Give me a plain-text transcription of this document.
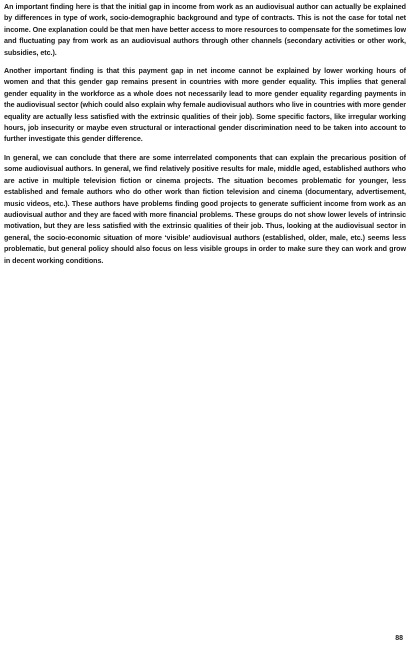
An important finding here is that the initial gap in income from work as an audiovisual author can actually be explained by differences in type of work, socio-demographic background and type of contracts. This is not the case for total net income. One explanation could be that men have better access to more resources to compensate for the sometimes low and fluctuating pay from work as an audiovisual authors through other channels (secondary activities or other work, subsidies, etc.).

Another important finding is that this payment gap in net income cannot be explained by lower working hours of women and that this gender gap remains present in countries with more gender equality. This implies that general gender equality in the workforce as a whole does not necessarily lead to more gender equality regarding payments in the audiovisual sector (which could also explain why female audiovisual authors who live in countries with more gender equality are actually less satisfied with the extrinsic qualities of their job). Some specific factors, like irregular working hours, job insecurity or maybe even structural or interactional gender discrimination need to be taken into account to further investigate this gender difference.

In general, we can conclude that there are some interrelated components that can explain the precarious position of some audiovisual authors. In general, we find relatively positive results for male, middle aged, established authors who are active in multiple television fiction or cinema projects. The situation becomes problematic for younger, less established and female authors who do other work than fiction television and cinema (documentary, advertisement, music videos, etc.). These authors have problems finding good projects to generate sufficient income from work as an audiovisual author and they are faced with more financial problems. These groups do not show lower levels of intrinsic motivation, but they are less satisfied with the extrinsic qualities of their job. Thus, looking at the audiovisual sector in general, the socio-economic situation of more ‘visible’ audiovisual authors (established, older, male, etc.) seems less problematic, but general policy should also focus on less visible groups in order to make sure they can work and grow in decent working conditions.

88
